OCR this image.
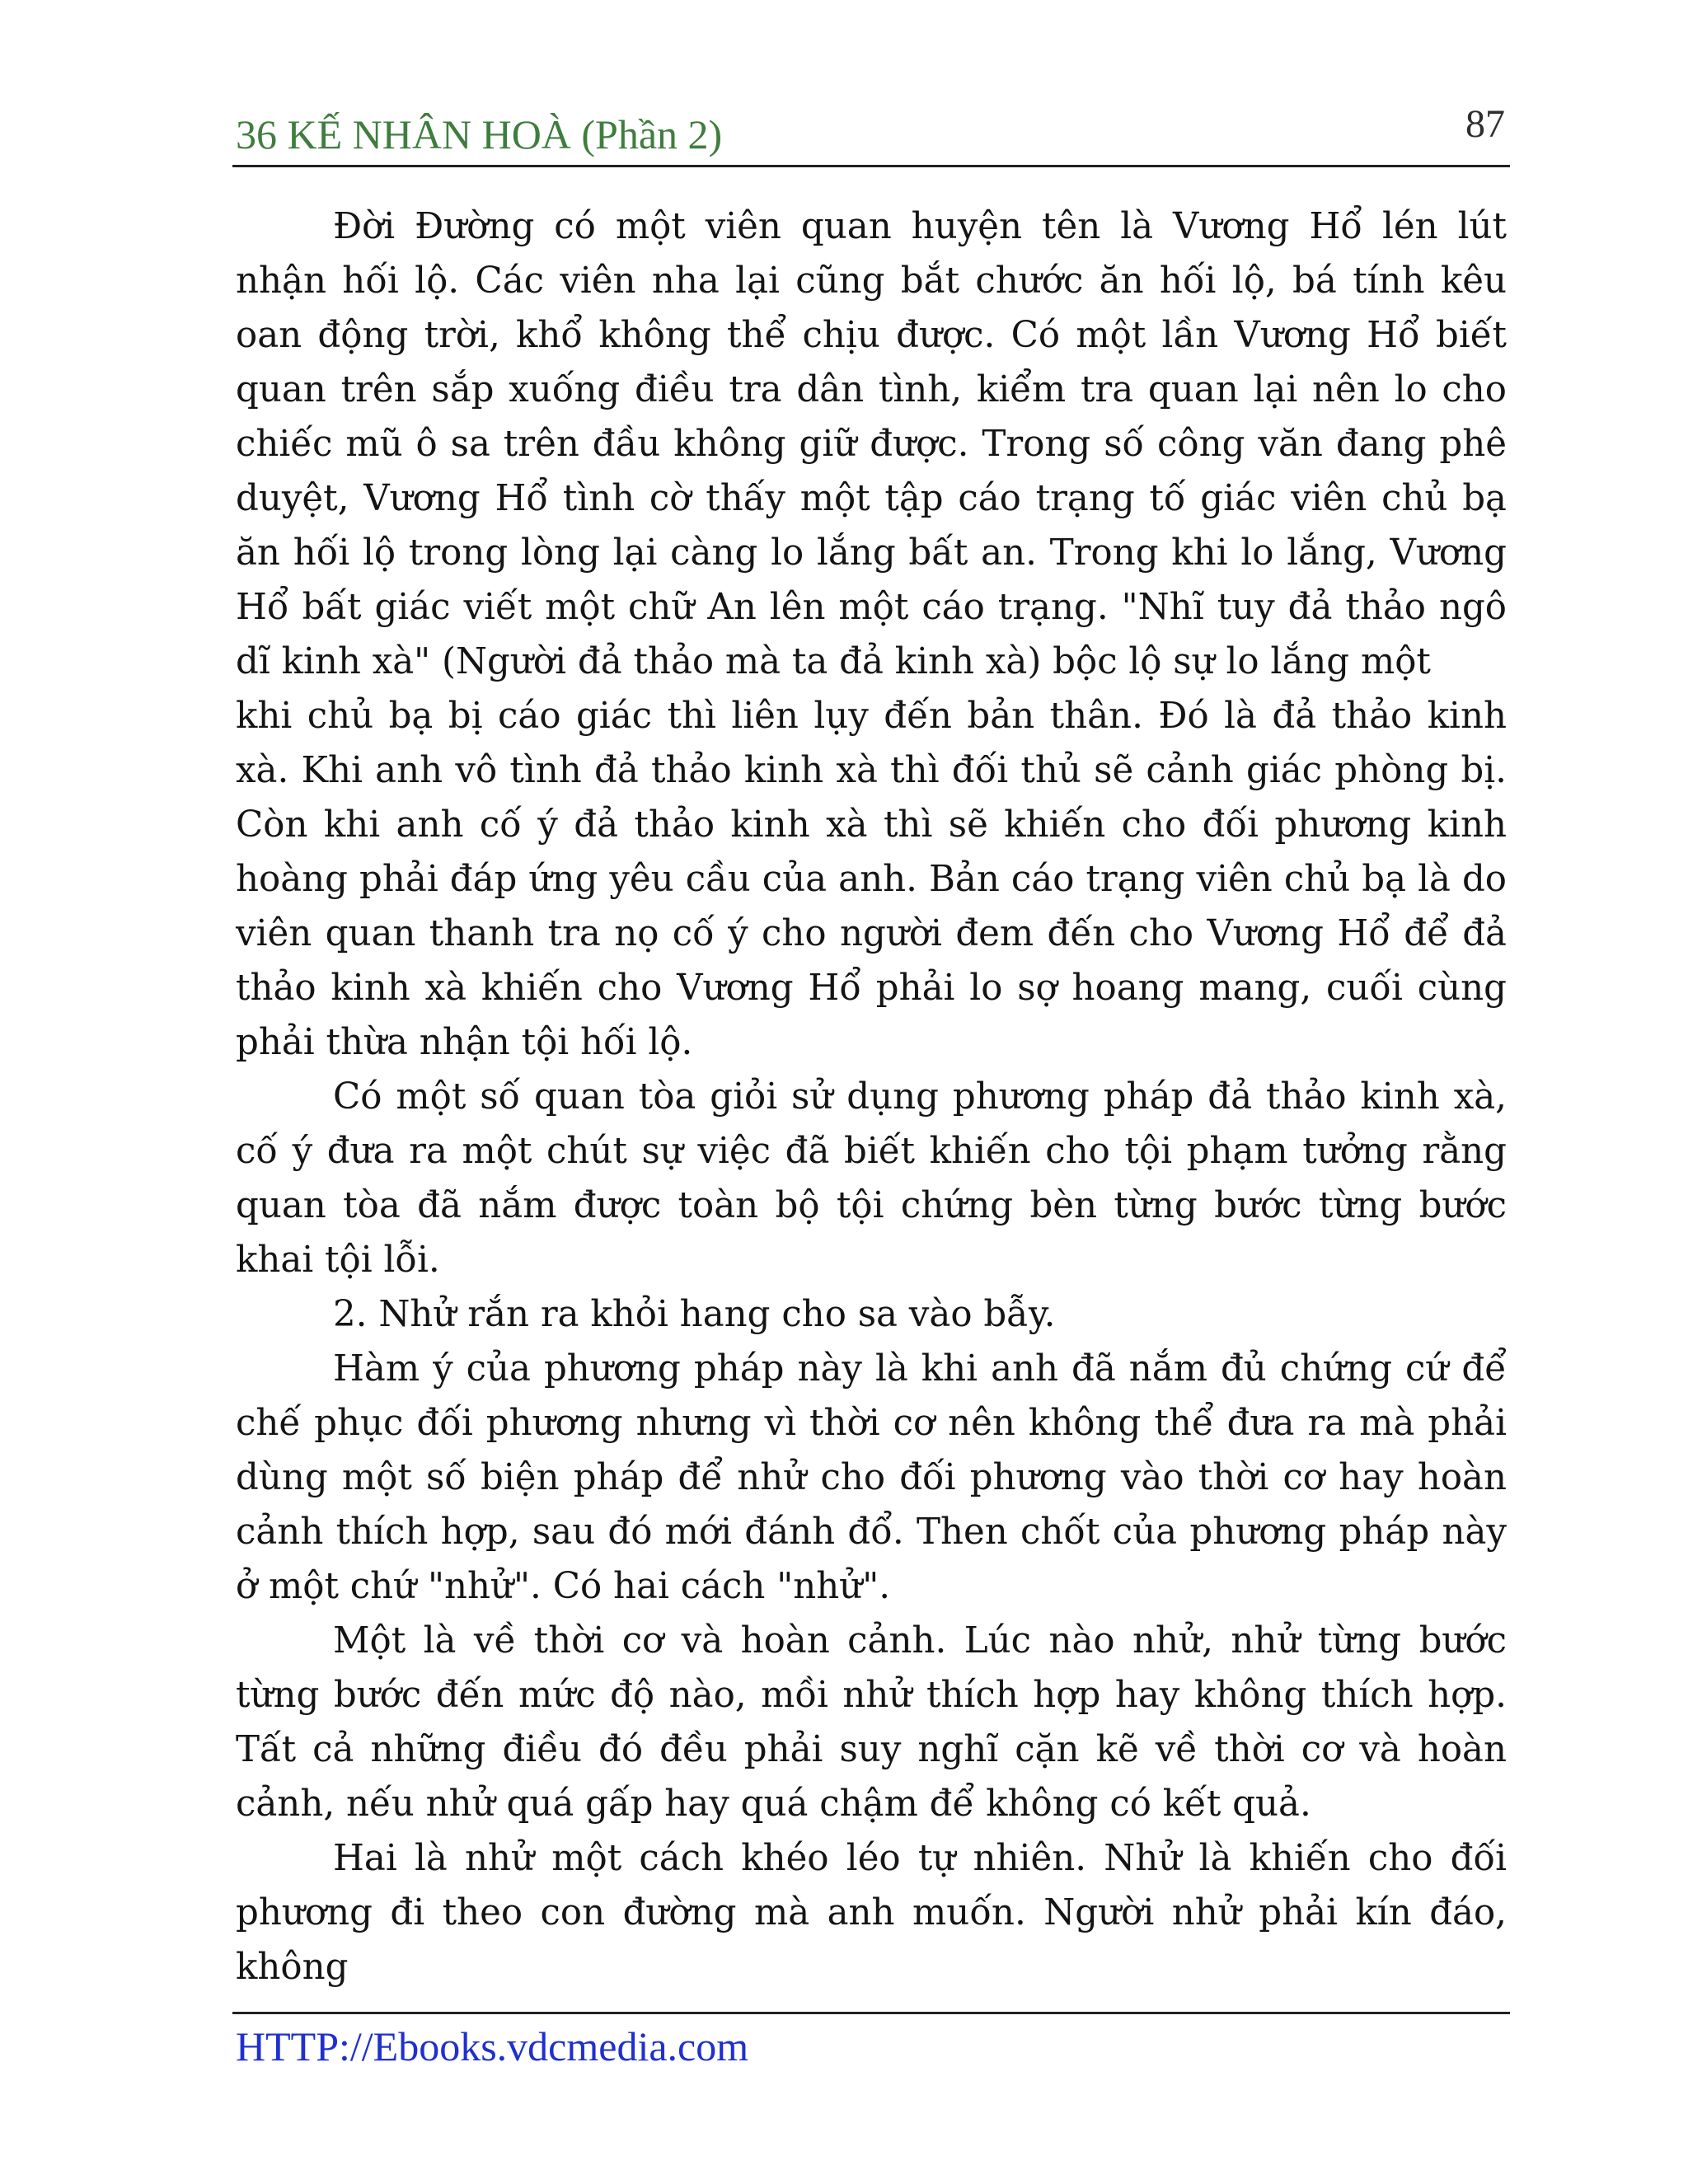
36 KẾ NHÂN HOÀ (Phần 2)	87

Đời Đường có một viên quan huyện tên là Vương Hổ lén lút nhận hối lộ. Các viên nha lại cũng bắt chước ăn hối lộ, bá tính kêu oan động trời, khổ không thể chịu được. Có một lần Vương Hổ biết quan trên sắp xuống điều tra dân tình, kiểm tra quan lại nên lo cho chiếc mũ ô sa trên đầu không giữ được. Trong số công văn đang phê duyệt, Vương Hổ tình cờ thấy một tập cáo trạng tố giác viên chủ bạ ăn hối lộ trong lòng lại càng lo lắng bất an. Trong khi lo lắng, Vương Hổ bất giác viết một chữ An lên một cáo trạng. "Nhĩ tuy đả thảo ngô dĩ kinh xà" (Người đả thảo mà ta đả kinh xà) bộc lộ sự lo lắng một

khi chủ bạ bị cáo giác thì liên lụy đến bản thân. Đó là đả thảo kinh xà. Khi anh vô tình đả thảo kinh xà thì đối thủ sẽ cảnh giác phòng bị. Còn khi anh cố ý đả thảo kinh xà thì sẽ khiến cho đối phương kinh hoàng phải đáp ứng yêu cầu của anh. Bản cáo trạng viên chủ bạ là do viên quan thanh tra nọ cố ý cho người đem đến cho Vương Hổ để đả thảo kinh xà khiến cho Vương Hổ phải lo sợ hoang mang, cuối cùng phải thừa nhận tội hối lộ.

Có một số quan tòa giỏi sử dụng phương pháp đả thảo kinh xà, cố ý đưa ra một chút sự việc đã biết khiến cho tội phạm tưởng rằng quan tòa đã nắm được toàn bộ tội chứng bèn từng bước từng bước khai tội lỗi.

2. Nhử rắn ra khỏi hang cho sa vào bẫy.

Hàm ý của phương pháp này là khi anh đã nắm đủ chứng cứ để chế phục đối phương nhưng vì thời cơ nên không thể đưa ra mà phải dùng một số biện pháp để nhử cho đối phương vào thời cơ hay hoàn cảnh thích hợp, sau đó mới đánh đổ. Then chốt của phương pháp này ở một chứ "nhử". Có hai cách "nhử".

Một là về thời cơ và hoàn cảnh. Lúc nào nhử, nhử từng bước từng bước đến mức độ nào, mồi nhử thích hợp hay không thích hợp. Tất cả những điều đó đều phải suy nghĩ cặn kẽ về thời cơ và hoàn cảnh, nếu nhử quá gấp hay quá chậm để không có kết quả.

Hai là nhử một cách khéo léo tự nhiên. Nhử là khiến cho đối phương đi theo con đường mà anh muốn. Người nhử phải kín đáo, không

HTTP://Ebooks.vdcmedia.com
